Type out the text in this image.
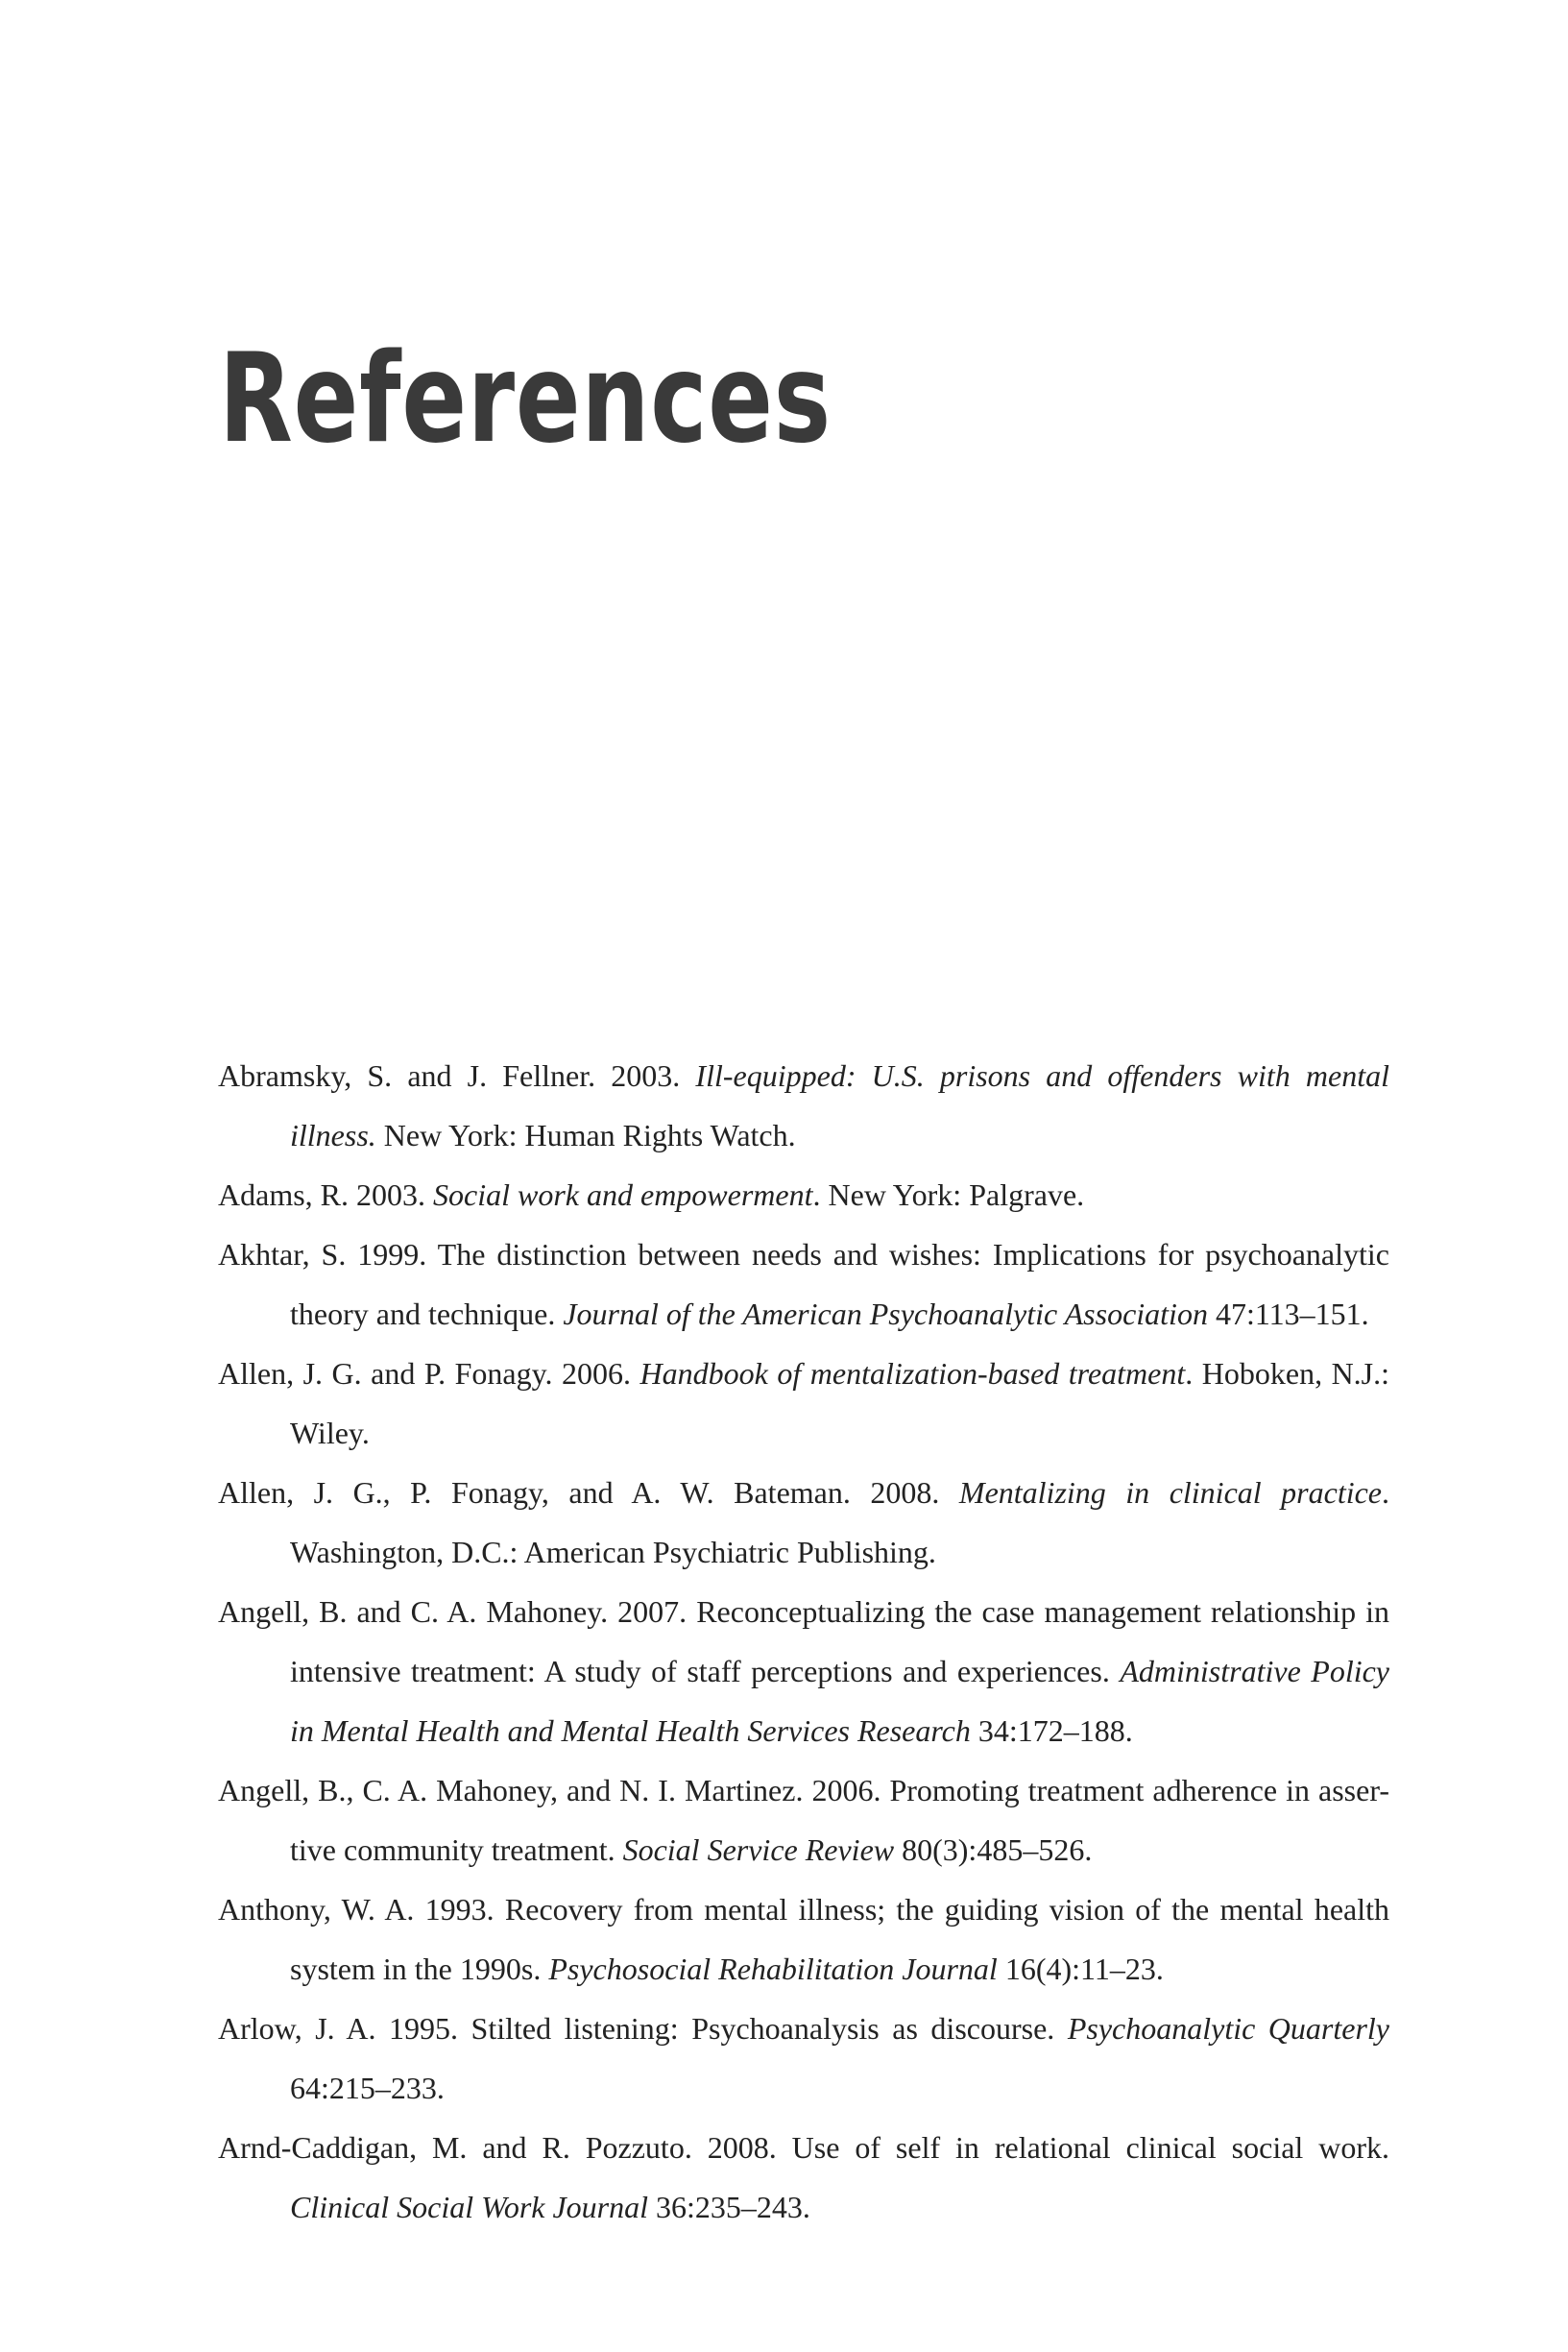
References
Abramsky, S. and J. Fellner. 2003. Ill-equipped: U.S. prisons and offenders with mental illness. New York: Human Rights Watch.
Adams, R. 2003. Social work and empowerment. New York: Palgrave.
Akhtar, S. 1999. The distinction between needs and wishes: Implications for psychoanalytic theory and technique. Journal of the American Psychoanalytic Association 47:113–151.
Allen, J. G. and P. Fonagy. 2006. Handbook of mentalization-based treatment. Hoboken, N.J.: Wiley.
Allen, J. G., P. Fonagy, and A. W. Bateman. 2008. Mentalizing in clinical practice. Washington, D.C.: American Psychiatric Publishing.
Angell, B. and C. A. Mahoney. 2007. Reconceptualizing the case management relationship in intensive treatment: A study of staff perceptions and experiences. Administrative Policy in Mental Health and Mental Health Services Research 34:172–188.
Angell, B., C. A. Mahoney, and N. I. Martinez. 2006. Promoting treatment adherence in asser-tive community treatment. Social Service Review 80(3):485–526.
Anthony, W. A. 1993. Recovery from mental illness; the guiding vision of the mental health system in the 1990s. Psychosocial Rehabilitation Journal 16(4):11–23.
Arlow, J. A. 1995. Stilted listening: Psychoanalysis as discourse. Psychoanalytic Quarterly 64:215–233.
Arnd-Caddigan, M. and R. Pozzuto. 2008. Use of self in relational clinical social work. Clinical Social Work Journal 36:235–243.
